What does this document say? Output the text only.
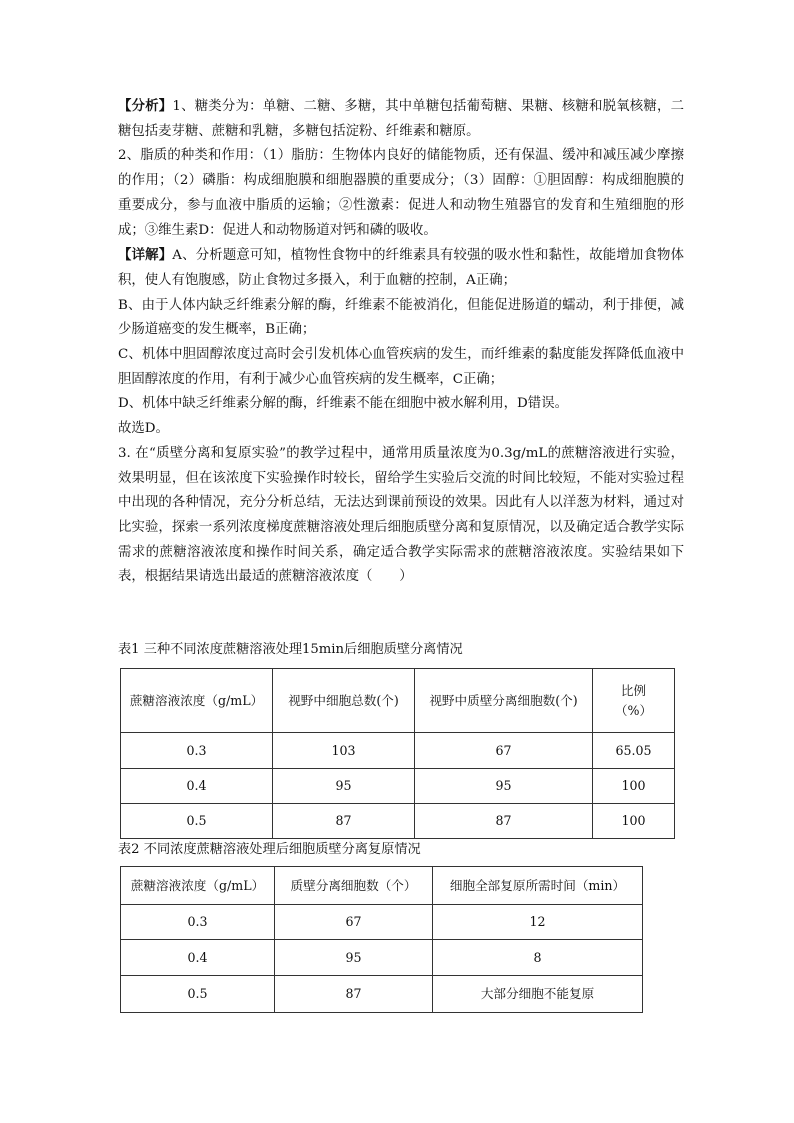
【分析】1、糖类分为：单糖、二糖、多糖，其中单糖包括葡萄糖、果糖、核糖和脱氧核糖，二糖包括麦芽糖、蔗糖和乳糖，多糖包括淀粉、纤维素和糖原。

2、脂质的种类和作用：（1）脂肪：生物体内良好的储能物质，还有保温、缓冲和减压减少摩擦的作用；（2）磷脂：构成细胞膜和细胞器膜的重要成分；（3）固醇：①胆固醇：构成细胞膜的重要成分，参与血液中脂质的运输；②性激素：促进人和动物生殖器官的发育和生殖细胞的形成；③维生素D：促进人和动物肠道对钙和磷的吸收。

【详解】A、分析题意可知，植物性食物中的纤维素具有较强的吸水性和黏性，故能增加食物体积，使人有饱腹感，防止食物过多摄入，利于血糖的控制，A正确；

B、由于人体内缺乏纤维素分解的酶，纤维素不能被消化，但能促进肠道的蠕动，利于排便，减少肠道癌变的发生概率，B正确；

C、机体中胆固醇浓度过高时会引发机体心血管疾病的发生，而纤维素的黏度能发挥降低血液中胆固醇浓度的作用，有利于减少心血管疾病的发生概率，C正确；

D、机体中缺乏纤维素分解的酶，纤维素不能在细胞中被水解利用，D错误。

故选D。

3. 在“质壁分离和复原实验”的教学过程中，通常用质量浓度为0.3g/mL的蔗糖溶液进行实验，效果明显，但在该浓度下实验操作时较长，留给学生实验后交流的时间比较短，不能对实验过程中出现的各种情况，充分分析总结，无法达到课前预设的效果。因此有人以洋葱为材料，通过对比实验，探索一系列浓度梯度蔗糖溶液处理后细胞质壁分离和复原情况，以及确定适合教学实际需求的蔗糖溶液浓度和操作时间关系，确定适合教学实际需求的蔗糖溶液浓度。实验结果如下表，根据结果请选出最适的蔗糖溶液浓度（　　）

表1 三种不同浓度蔗糖溶液处理15min后细胞质壁分离情况

蔗糖溶液浓度（g/mL）	视野中细胞总数(个)	视野中质壁分离细胞数(个)	比例
（%）
0.3	103	67	65.05
0.4	95	95	100
0.5	87	87	100

表2 不同浓度蔗糖溶液处理后细胞质壁分离复原情况

蔗糖溶液浓度（g/mL）	质壁分离细胞数（个）	细胞全部复原所需时间（min）
0.3	67	12
0.4	95	8
0.5	87	大部分细胞不能复原
